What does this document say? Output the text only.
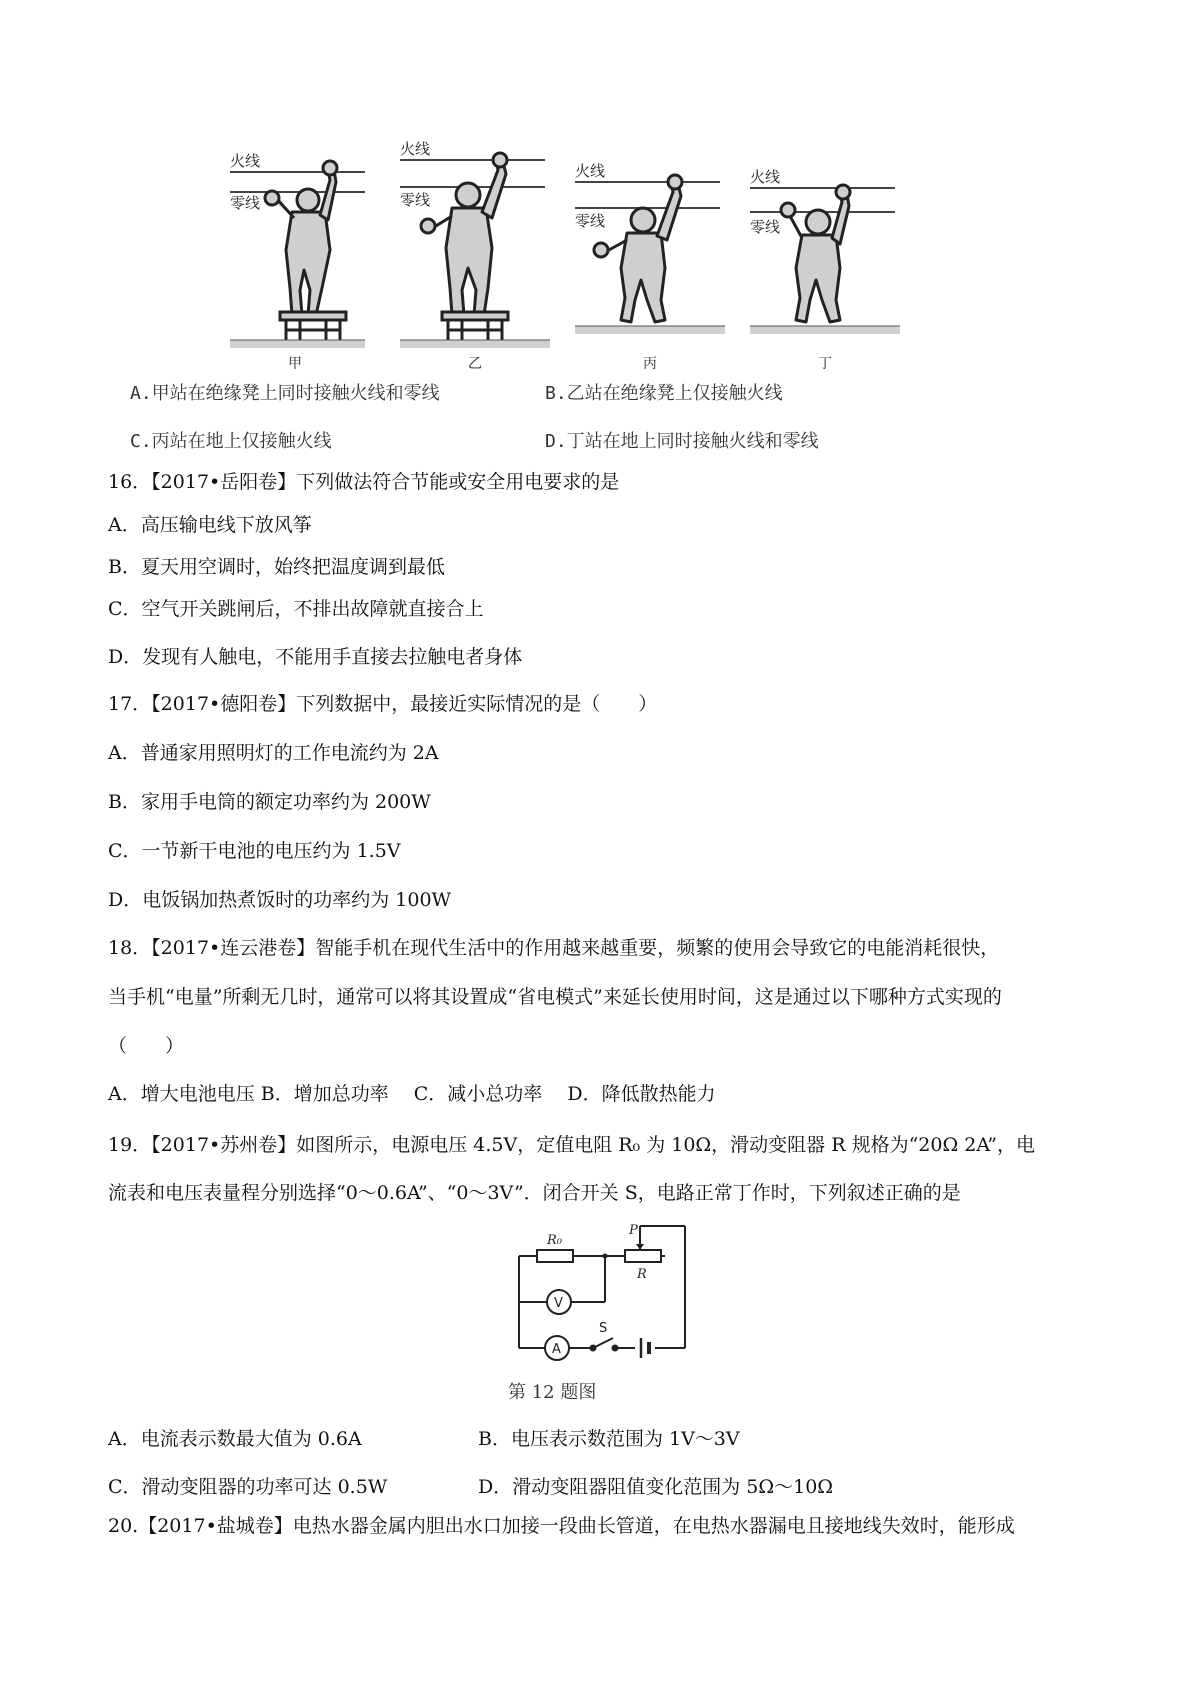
火线
零线
甲
火线
零线
乙
火线
零线
丙
火线
零线
丁
A.甲站在绝缘凳上同时接触火线和零线	B.乙站在绝缘凳上仅接触火线
C.丙站在地上仅接触火线	D.丁站在地上同时接触火线和零线
16．【2017•岳阳卷】下列做法符合节能或安全用电要求的是
A．高压输电线下放风筝
B．夏天用空调时，始终把温度调到最低
C．空气开关跳闸后，不排出故障就直接合上
D．发现有人触电，不能用手直接去拉触电者身体
17．【2017•德阳卷】下列数据中，最接近实际情况的是（　　）
A．普通家用照明灯的工作电流约为 2A
B．家用手电筒的额定功率约为 200W
C．一节新干电池的电压约为 1.5V
D．电饭锅加热煮饭时的功率约为 100W
18．【2017•连云港卷】智能手机在现代生活中的作用越来越重要，频繁的使用会导致它的电能消耗很快，
当手机“电量”所剩无几时，通常可以将其设置成“省电模式”来延长使用时间，这是通过以下哪种方式实现的
（　　）
A．增大电池电压 B．增加总功率　 C．减小总功率　 D．降低散热能力
19．【2017•苏州卷】如图所示，电源电压 4.5V，定值电阻 R₀ 为 10Ω，滑动变阻器 R 规格为“20Ω 2A”，电
流表和电压表量程分别选择“0～0.6A”、“0～3V”．闭合开关 S，电路正常丁作时，下列叙述正确的是
R₀
P
R
V
A
S
第 12 题图
A．电流表示数最大值为 0.6A	B．电压表示数范围为 1V～3V
C．滑动变阻器的功率可达 0.5W	D．滑动变阻器阻值变化范围为 5Ω～10Ω
20.【2017•盐城卷】电热水器金属内胆出水口加接一段曲长管道，在电热水器漏电且接地线失效时，能形成
